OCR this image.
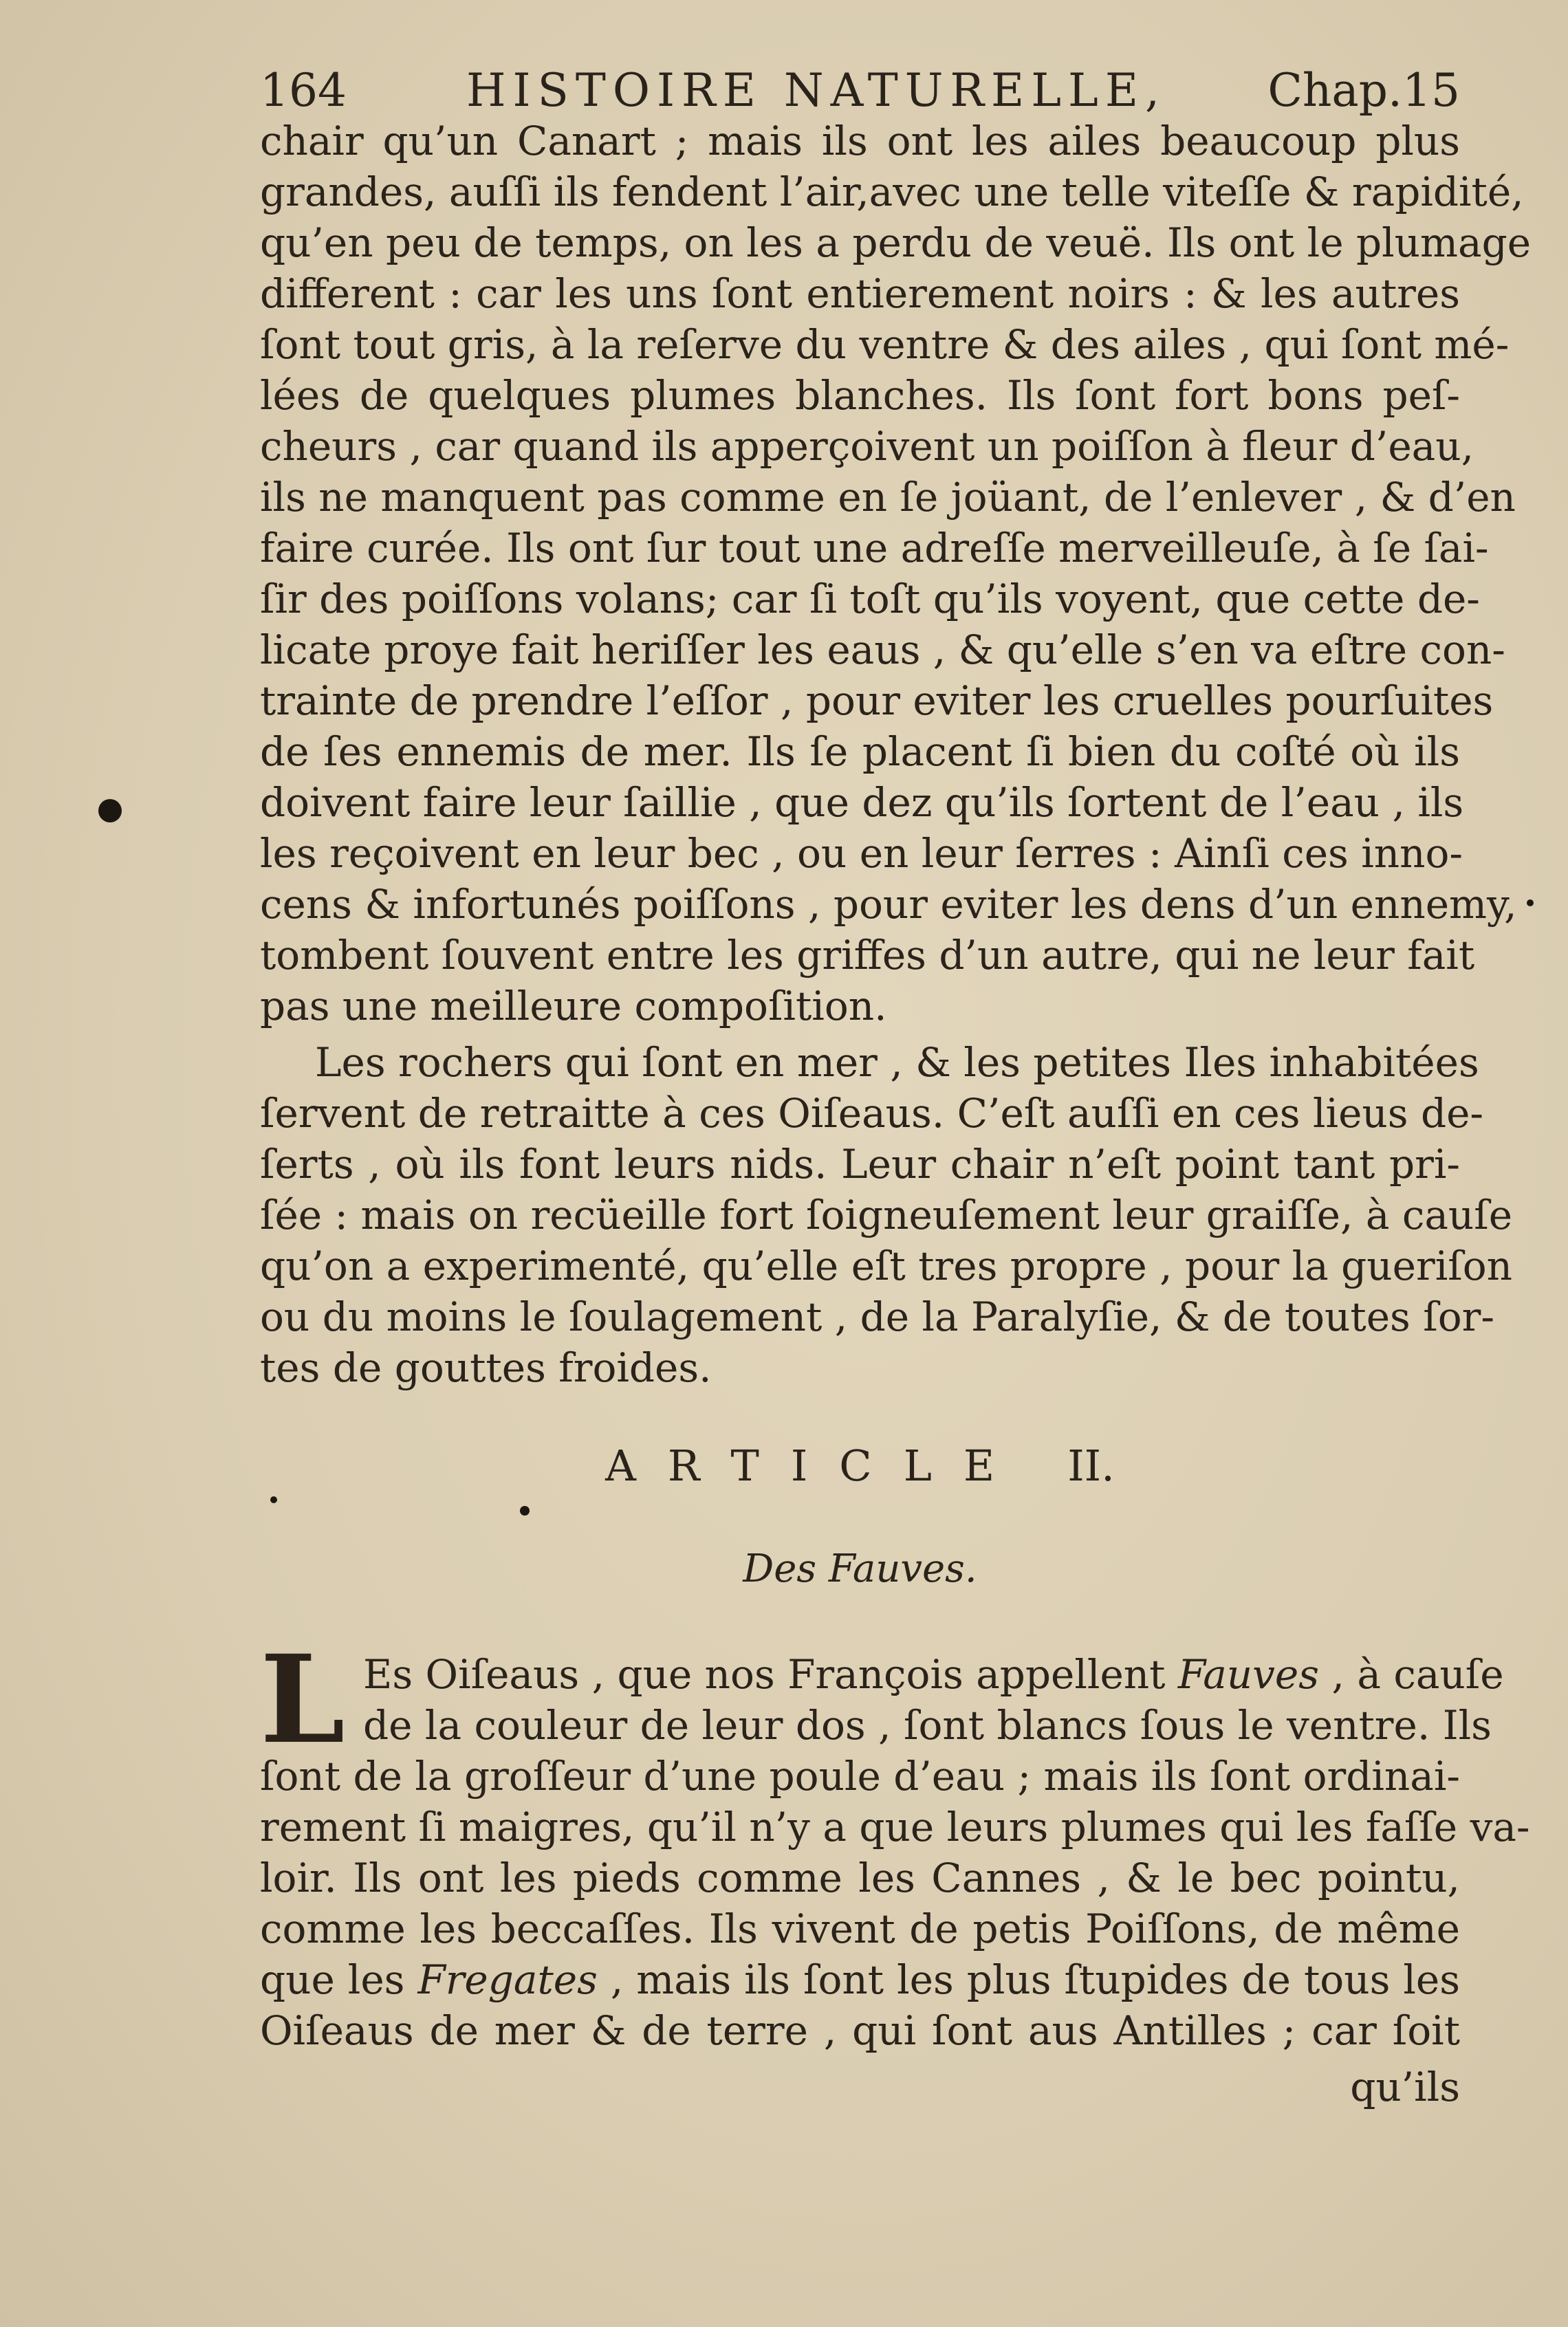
164	HISTOIRE NATURELLE, Chap.15
chair qu’un Canart ; mais ils ont les ailes beaucoup plus
grandes, auſſi ils fendent l’air,avec une telle viteſſe & rapidité,
qu’en peu de temps, on les a perdu de veuë. Ils ont le plumage
different : car les uns ſont entierement noirs : & les autres
ſont tout gris, à la reſerve du ventre & des ailes , qui ſont mé-
lées de quelques plumes blanches. Ils ſont fort bons peſ-
cheurs , car quand ils apperçoivent un poiſſon à fleur d’eau,
ils ne manquent pas comme en ſe joüant, de l’enlever , & d’en
faire curée. Ils ont ſur tout une adreſſe merveilleuſe, à ſe ſai-
ſir des poiſſons volans; car ſi toſt qu’ils voyent, que cette de-
licate proye fait heriſſer les eaus , & qu’elle s’en va eſtre con-
trainte de prendre l’eſſor , pour eviter les cruelles pourſuites
de ſes ennemis de mer. Ils ſe placent ſi bien du coſté où ils
doivent faire leur ſaillie , que dez qu’ils ſortent de l’eau , ils
les reçoivent en leur bec , ou en leur ſerres : Ainſi ces inno-
cens & infortunés poiſſons , pour eviter les dens d’un ennemy,
tombent ſouvent entre les griffes d’un autre, qui ne leur fait
pas une meilleure compoſition.
Les rochers qui ſont en mer , & les petites Iles inhabitées
ſervent de retraitte à ces Oiſeaus. C’eſt auſſi en ces lieus de-
ſerts , où ils font leurs nids. Leur chair n’eſt point tant pri-
ſée : mais on recüeille fort ſoigneuſement leur graiſſe, à cauſe
qu’on a experimenté, qu’elle eſt tres propre , pour la gueriſon
ou du moins le ſoulagement , de la Paralyſie, & de toutes ſor-
tes de gouttes froides.
ARTICLE II.
Des Fauves.
L Es Oiſeaus , que nos François appellent Fauves , à cauſe
de la couleur de leur dos , ſont blancs ſous le ventre. Ils
ſont de la groſſeur d’une poule d’eau ; mais ils ſont ordinai-
rement ſi maigres, qu’il n’y a que leurs plumes qui les faſſe va-
loir. Ils ont les pieds comme les Cannes , & le bec pointu,
comme les beccaſſes. Ils vivent de petis Poiſſons, de même
que les Fregates , mais ils ſont les plus ſtupides de tous les
Oiſeaus de mer & de terre , qui ſont aus Antilles ; car ſoit
qu’ils
